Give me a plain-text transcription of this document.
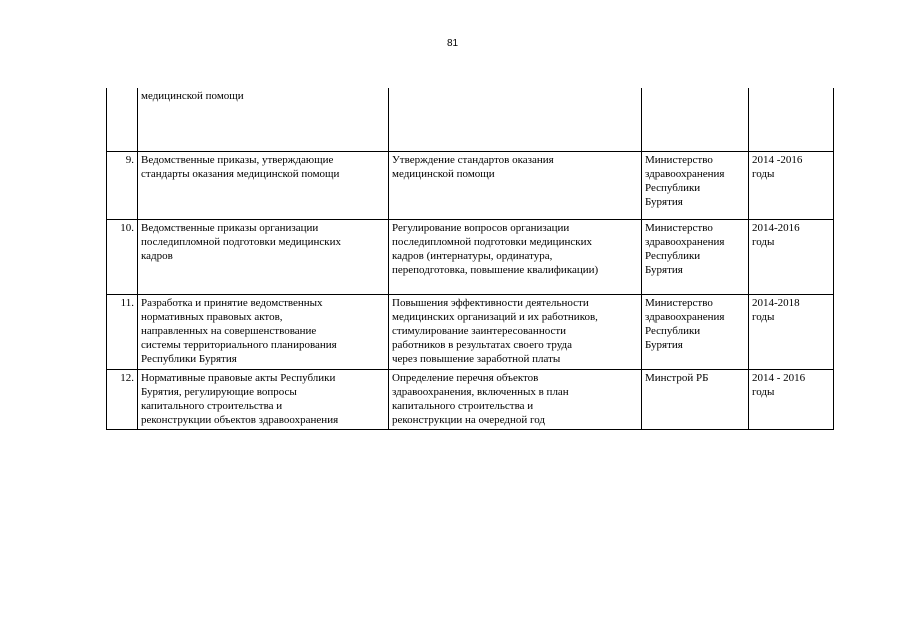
81
	медицинской помощи			
9.	Ведомственные приказы, утверждающие
стандарты оказания медицинской помощи	Утверждение стандартов оказания
медицинской помощи	Министерство
здравоохранения
Республики
Бурятия	2014 -2016
годы
10.	Ведомственные приказы организации
последипломной подготовки медицинских
кадров	Регулирование вопросов организации
последипломной подготовки медицинских
кадров (интернатуры, ординатура,
переподготовка, повышение квалификации)	Министерство
здравоохранения
Республики
Бурятия	2014-2016
годы
11.	Разработка и принятие ведомственных
нормативных правовых актов,
направленных на совершенствование
системы территориального планирования
Республики Бурятия	Повышения эффективности деятельности
медицинских организаций и их работников,
стимулирование заинтересованности
работников в результатах своего труда
через повышение заработной платы	Министерство
здравоохранения
Республики
Бурятия	2014-2018
годы
12.	Нормативные правовые акты Республики
Бурятия, регулирующие вопросы
капитального строительства и
реконструкции объектов здравоохранения	Определение перечня объектов
здравоохранения, включенных в план
капитального строительства и
реконструкции на очередной год	Минстрой РБ	2014 - 2016
годы
